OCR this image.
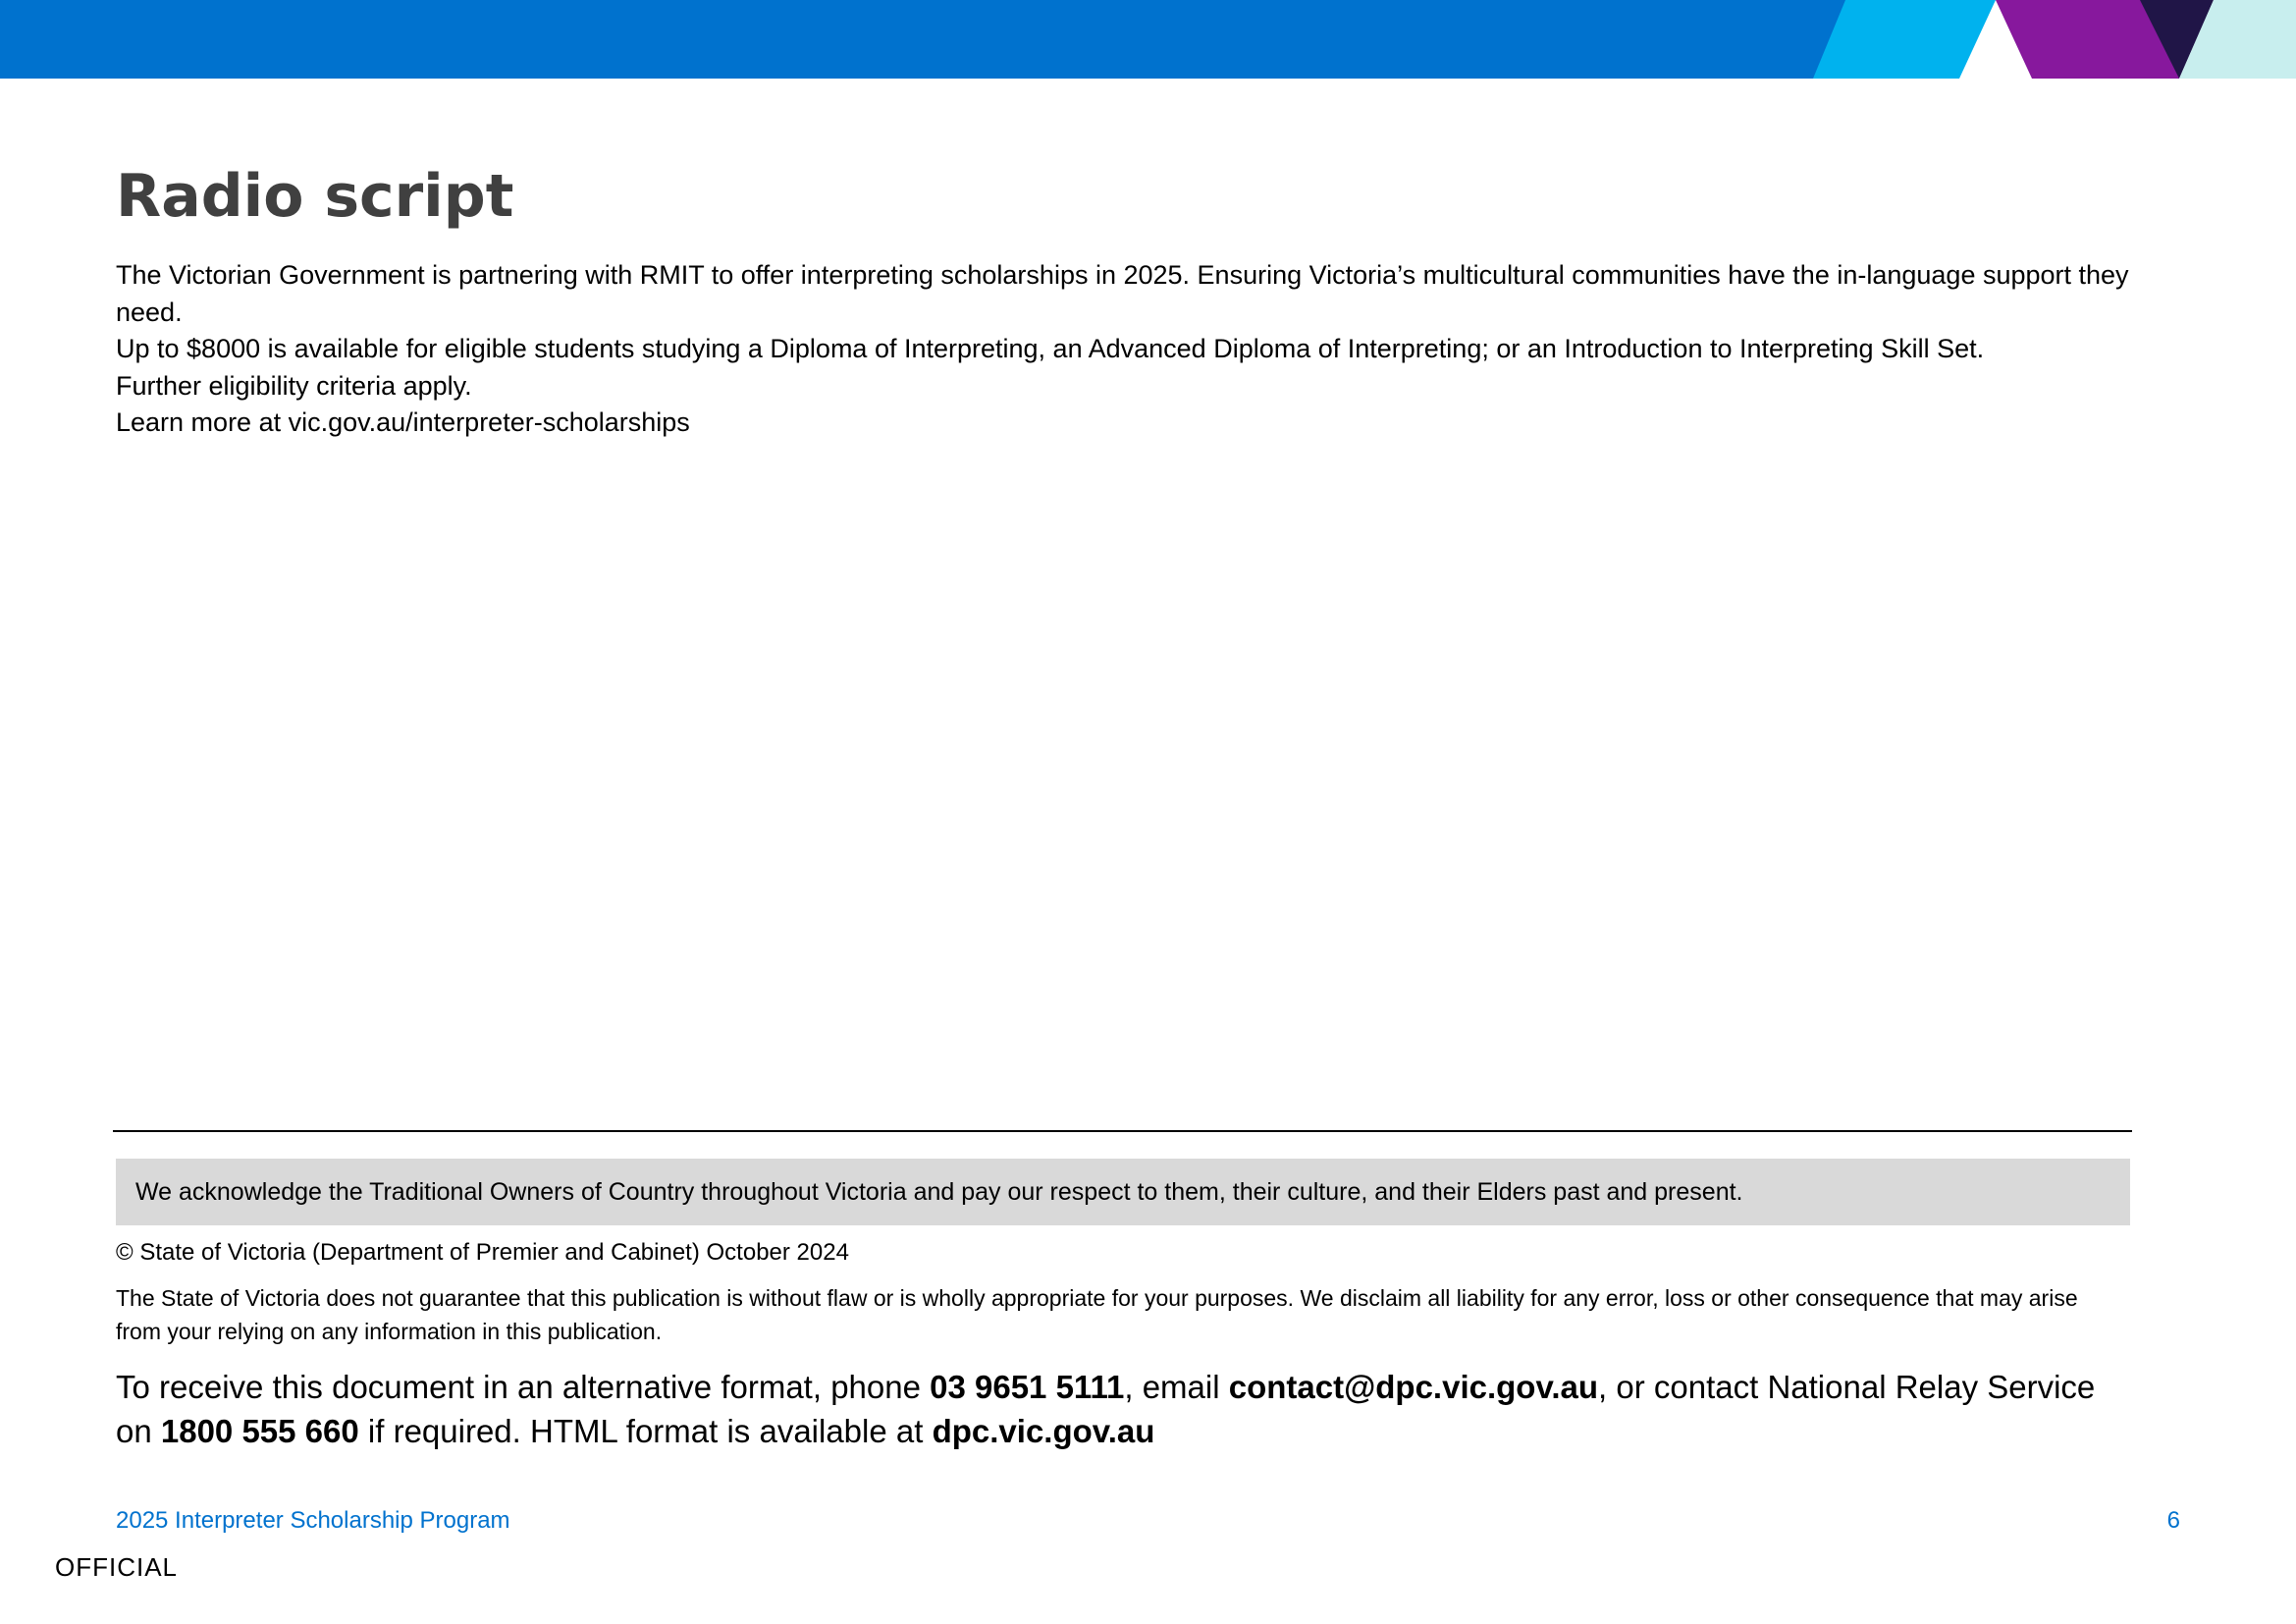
Radio script

The Victorian Government is partnering with RMIT to offer interpreting scholarships in 2025. Ensuring Victoria’s multicultural communities have the in-language support they need.

Up to $8000 is available for eligible students studying a Diploma of Interpreting, an Advanced Diploma of Interpreting; or an Introduction to Interpreting Skill Set.

Further eligibility criteria apply.

Learn more at vic.gov.au/interpreter-scholarships

We acknowledge the Traditional Owners of Country throughout Victoria and pay our respect to them, their culture, and their Elders past and present.
© State of Victoria (Department of Premier and Cabinet) October 2024
The State of Victoria does not guarantee that this publication is without flaw or is wholly appropriate for your purposes. We disclaim all liability for any error, loss or other consequence that may arise from your relying on any information in this publication.
To receive this document in an alternative format, phone 03 9651 5111, email contact@dpc.vic.gov.au, or contact National Relay Service on 1800 555 660 if required. HTML format is available at dpc.vic.gov.au
2025 Interpreter Scholarship Program	6
OFFICIAL
